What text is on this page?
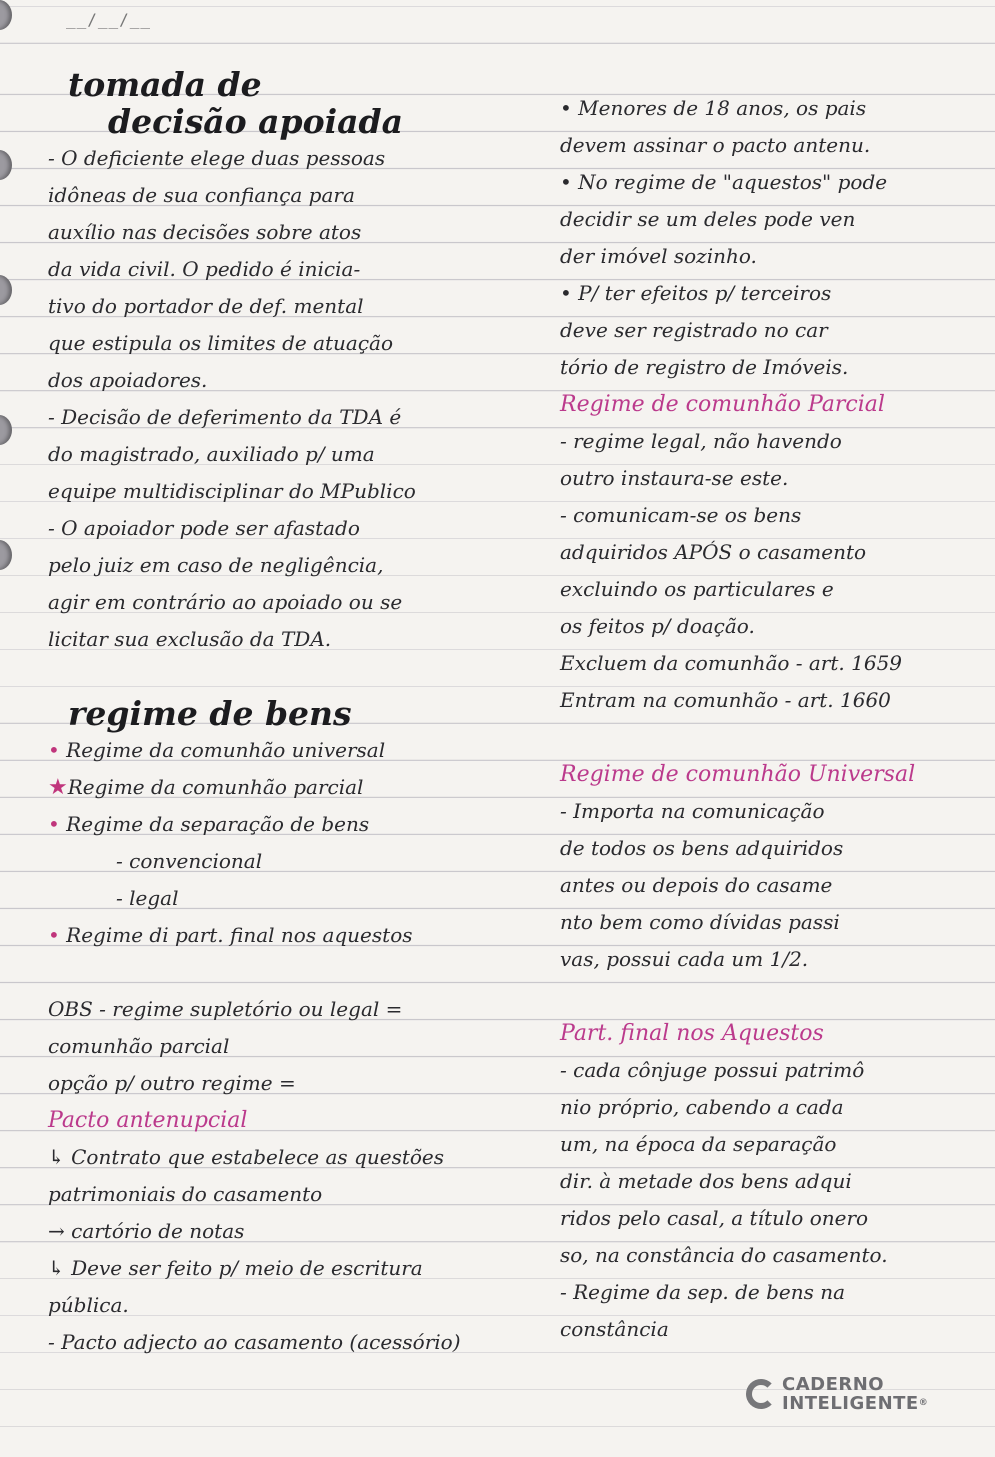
__/__/__
tomada de
decisão apoiada
- O deficiente elege duas pessoas
idôneas de sua confiança para
auxílio nas decisões sobre atos
da vida civil. O pedido é inicia-
tivo do portador de def. mental
que estipula os limites de atuação
dos apoiadores.
- Decisão de deferimento da TDA é
do magistrado, auxiliado p/ uma
equipe multidisciplinar do MPublico
- O apoiador pode ser afastado
pelo juiz em caso de negligência,
agir em contrário ao apoiado ou se
licitar sua exclusão da TDA.
regime de bens
• Regime da comunhão universal
★Regime da comunhão parcial
• Regime da separação de bens
- convencional
- legal
• Regime di part. final nos aquestos
OBS - regime supletório ou legal =
comunhão parcial
opção p/ outro regime =
Pacto antenupcial
↳ Contrato que estabelece as questões
patrimoniais do casamento
→ cartório de notas
↳ Deve ser feito p/ meio de escritura
pública.
- Pacto adjecto ao casamento (acessório)
• Menores de 18 anos, os pais
devem assinar o pacto antenu.
• No regime de "aquestos" pode
decidir se um deles pode ven
der imóvel sozinho.
• P/ ter efeitos p/ terceiros
deve ser registrado no car
tório de registro de Imóveis.
Regime de comunhão Parcial
- regime legal, não havendo
outro instaura-se este.
- comunicam-se os bens
adquiridos APÓS o casamento
excluindo os particulares e
os feitos p/ doação.
Excluem da comunhão - art. 1659
Entram na comunhão - art. 1660
Regime de comunhão Universal
- Importa na comunicação
de todos os bens adquiridos
antes ou depois do casame
nto bem como dívidas passi
vas, possui cada um 1/2.
Part. final nos Aquestos
- cada cônjuge possui patrimô
nio próprio, cabendo a cada
um, na época da separação
dir. à metade dos bens adqui
ridos pelo casal, a título onero
so, na constância do casamento.
- Regime da sep. de bens na
constância
CADERNO
INTELIGENTE®
